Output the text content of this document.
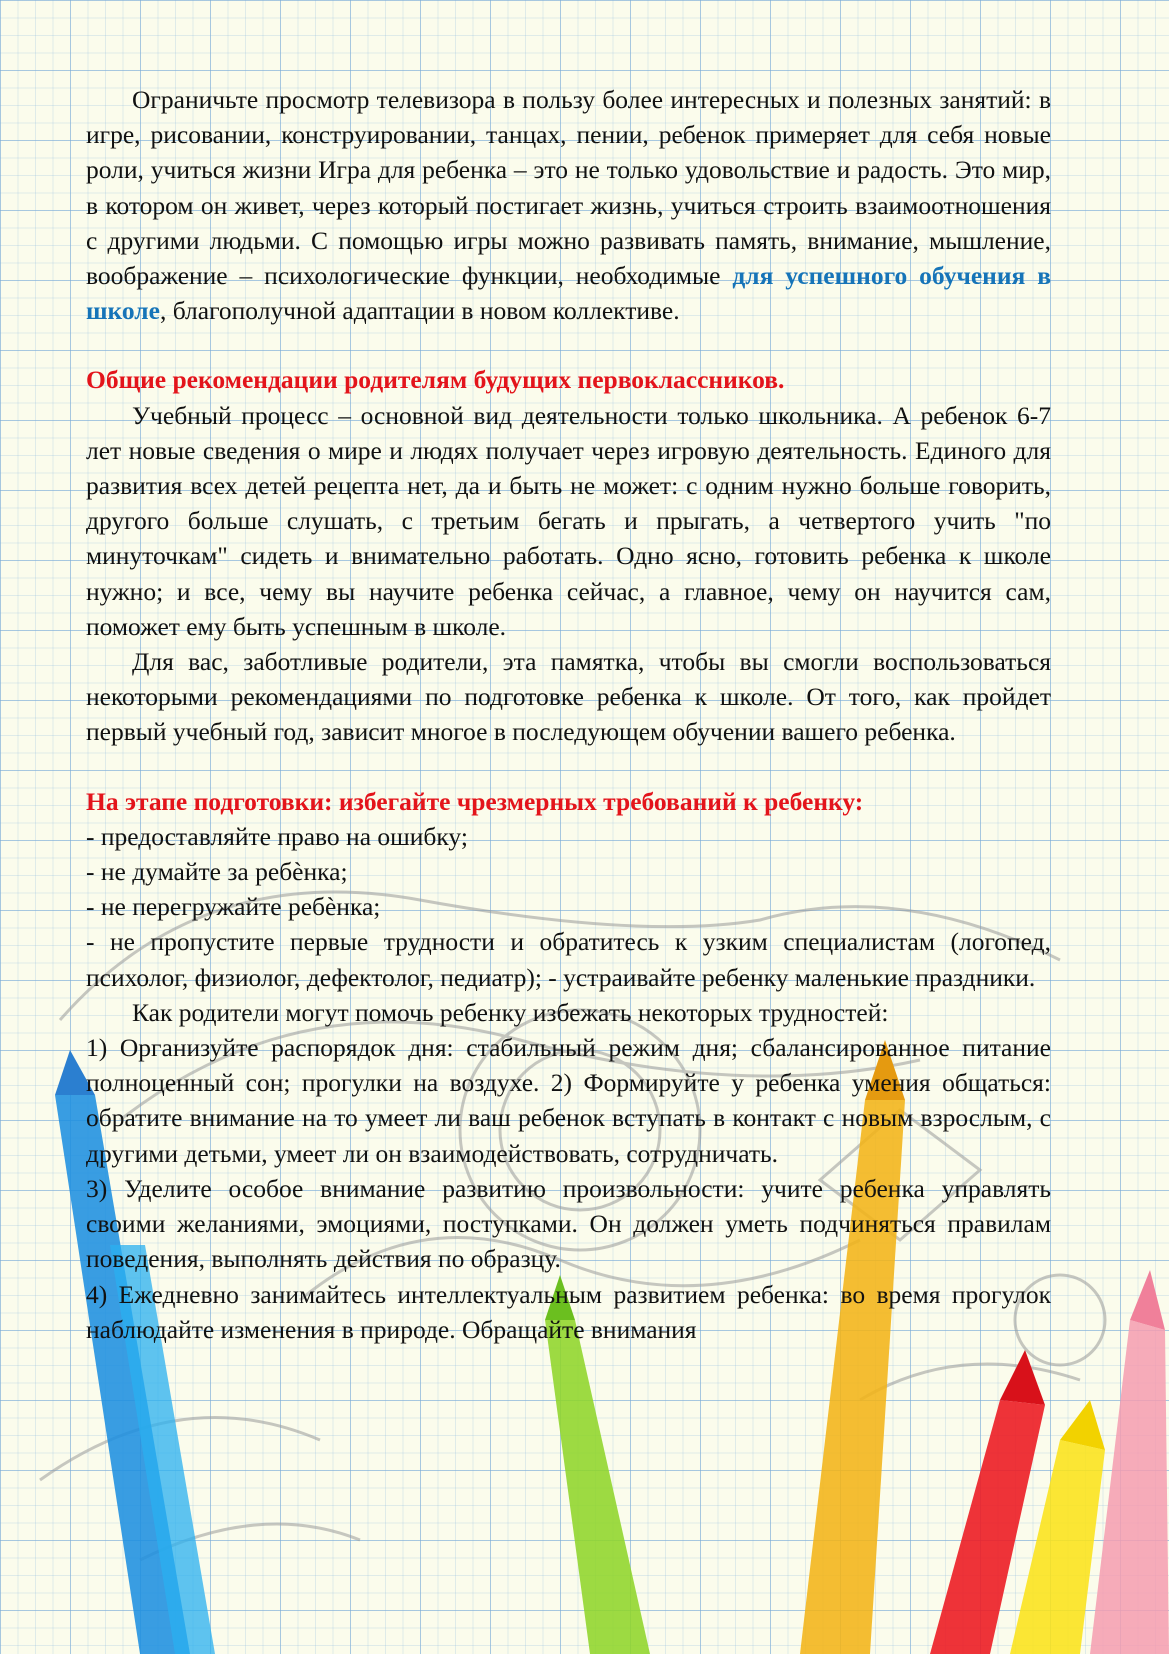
Ограничьте просмотр телевизора в пользу более интересных и полезных занятий: в игре, рисовании, конструировании, танцах, пении, ребенок примеряет для себя новые роли, учиться жизни Игра для ребенка – это не только удовольствие и радость. Это мир, в котором он живет, через который постигает жизнь, учиться строить взаимоотношения с другими людьми. С помощью игры можно развивать память, внимание, мышление, воображение – психологические функции, необходимые для успешного обучения в школе, благополучной адаптации в новом коллективе.

Общие рекомендации родителям будущих первоклассников.

Учебный процесс – основной вид деятельности только школьника. А ребенок 6-7 лет новые сведения о мире и людях получает через игровую деятельность. Единого для развития всех детей рецепта нет, да и быть не может: с одним нужно больше говорить, другого больше слушать, с третьим бегать и прыгать, а четвертого учить "по минуточкам" сидеть и внимательно работать. Одно ясно, готовить ребенка к школе нужно; и все, чему вы научите ребенка сейчас, а главное, чему он научится сам, поможет ему быть успешным в школе.

Для вас, заботливые родители, эта памятка, чтобы вы смогли воспользоваться некоторыми рекомендациями по подготовке ребенка к школе. От того, как пройдет первый учебный год, зависит многое в последующем обучении вашего ребенка.

На этапе подготовки: избегайте чрезмерных требований к ребенку:

- предоставляйте право на ошибку;

- не думайте за ребѐнка;

- не перегружайте ребѐнка;

- не пропустите первые трудности и обратитесь к узким специалистам (логопед, психолог, физиолог, дефектолог, педиатр); - устраивайте ребенку маленькие праздники.

Как родители могут помочь ребенку избежать некоторых трудностей:

1) Организуйте распорядок дня: стабильный режим дня; сбалансированное питание полноценный сон; прогулки на воздухе. 2) Формируйте у ребенка умения общаться: обратите внимание на то умеет ли ваш ребенок вступать в контакт с новым взрослым, с другими детьми, умеет ли он взаимодействовать, сотрудничать.

3) Уделите особое внимание развитию произвольности: учите ребенка управлять своими желаниями, эмоциями, поступками. Он должен уметь подчиняться правилам поведения, выполнять действия по образцу.

4) Ежедневно занимайтесь интеллектуальным развитием ребенка: во время прогулок наблюдайте изменения в природе. Обращайте внимания
